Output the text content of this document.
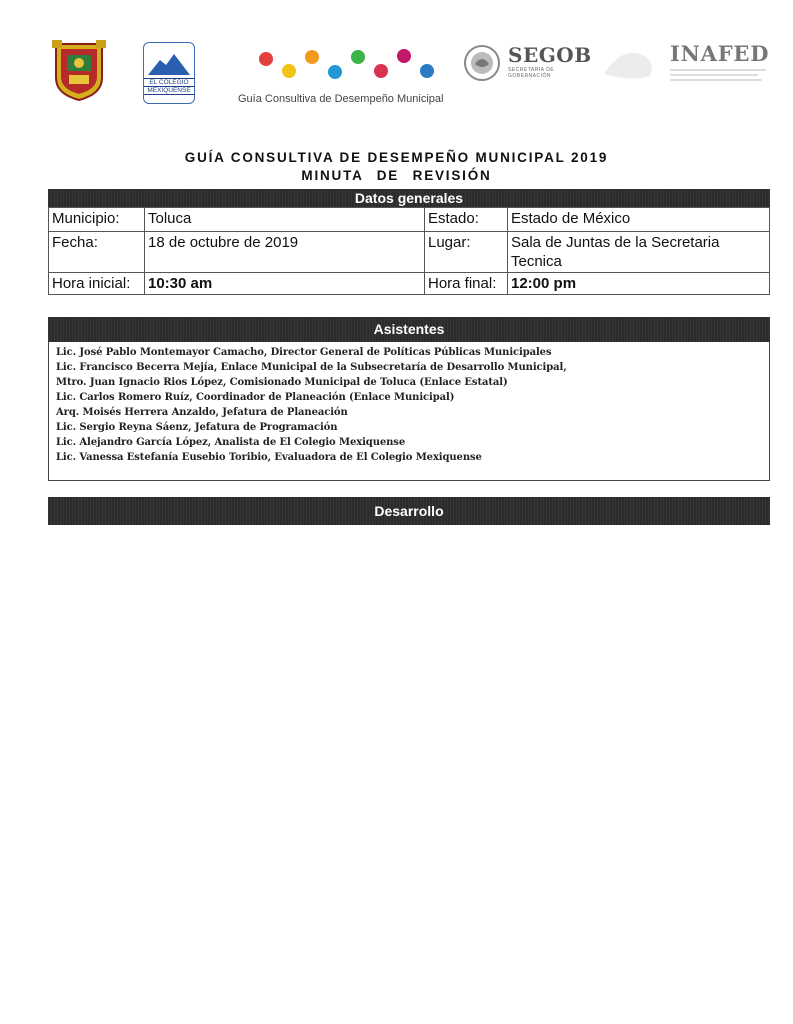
EL COLEGIO
MEXIQUENSE
Guía Consultiva de Desempeño Municipal
SEGOB
SECRETARÍA DE
GOBERNACIÓN
INAFED
GUÍA CONSULTIVA DE DESEMPEÑO MUNICIPAL 2019
MINUTA DE REVISIÓN
Datos generales
Municipio:	Toluca	Estado:	Estado de México
Fecha:	18 de octubre de 2019	Lugar:	Sala de Juntas de la Secretaria
Tecnica

Hora inicial:	10:30 am	Hora final:	12:00 pm
Asistentes
Lic. José Pablo Montemayor Camacho, Director General de Políticas Públicas Municipales
Lic. Francisco Becerra Mejía, Enlace Municipal de la Subsecretaría de Desarrollo Municipal,
Mtro. Juan Ignacio Rios López, Comisionado Municipal de Toluca (Enlace Estatal)
Lic. Carlos Romero Ruíz, Coordinador de Planeación (Enlace Municipal)
Arq. Moisés Herrera Anzaldo, Jefatura de Planeación
Lic. Sergio Reyna Sáenz, Jefatura de Programación
Lic. Alejandro García López, Analista de El Colegio Mexiquense
Lic. Vanessa Estefanía Eusebio Toribio, Evaluadora de El Colegio Mexiquense
Desarrollo
